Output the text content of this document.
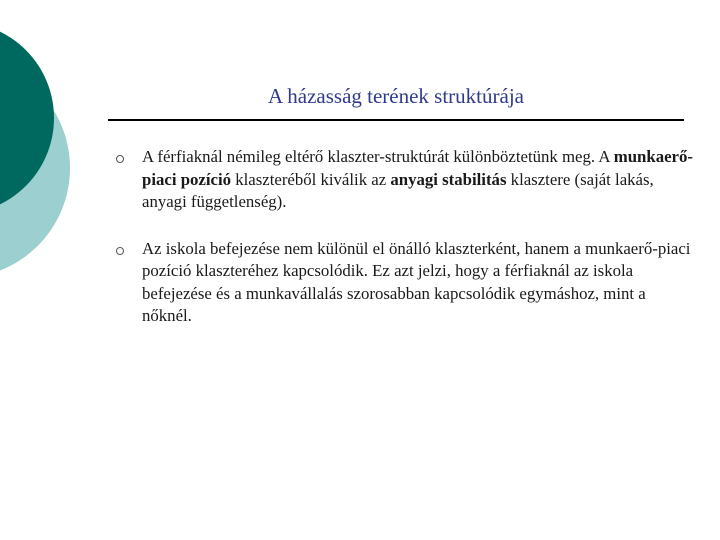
A házasság terének struktúrája
A férfiaknál némileg eltérő klaszter-struktúrát különböztetünk meg. A munkaerő-piaci pozíció klaszteréből kiválik az anyagi stabilitás klasztere (saját lakás, anyagi függetlenség).
Az iskola befejezése nem különül el önálló klaszterként, hanem a munkaerő-piaci pozíció klaszteréhez kapcsolódik. Ez azt jelzi, hogy a férfiaknál az iskola befejezése és a munkavállalás szorosabban kapcsolódik egymáshoz, mint a nőknél.
